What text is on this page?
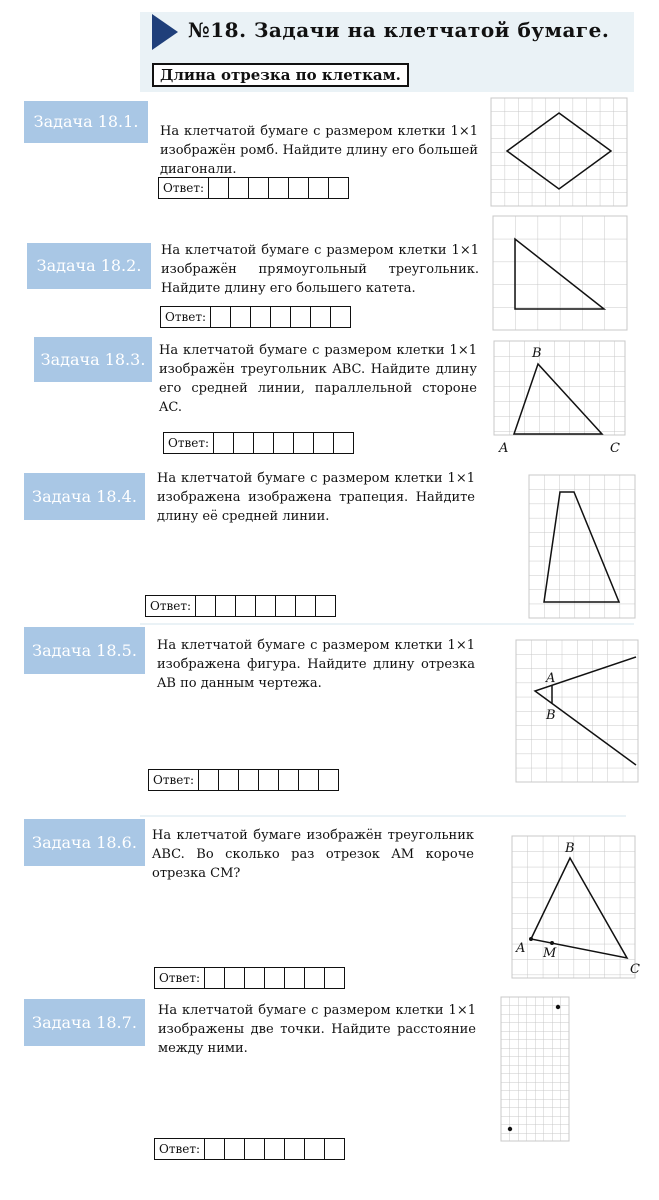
№18. Задачи на клетчатой бумаге.
Длина отрезка по клеткам.
Задача 18.1.
На клетчатой бумаге с размером клетки 1×1 изображён ромб. Найдите длину его большей диагонали.
Ответ:
Задача 18.2.
На клетчатой бумаге с размером клетки 1×1 изображён прямоугольный треугольник. Найдите длину его большего катета.
Ответ:
Задача 18.3.	На клетчатой бумаге с размером клетки 1×1 изображён треугольник ABC. Найдите длину его средней линии, параллельной стороне AC.
Ответ:
B
A	C
Задача 18.4.
На клетчатой бумаге с размером клетки 1×1 изображена изображена трапеция. Найдите длину её средней линии.
Ответ:
Задача 18.5.	На клетчатой бумаге с размером клетки 1×1 изображена фигура. Найдите длину отрезка AB по данным чертежа.
Ответ:
A
B
Задача 18.6.	На клетчатой бумаге изображён треугольник ABC. Во сколько раз отрезок AM короче отрезка CM?
Ответ:
B
A M
C
Задача 18.7.
На клетчатой бумаге с размером клетки 1×1 изображены две точки. Найдите расстояние между ними.
Ответ:
